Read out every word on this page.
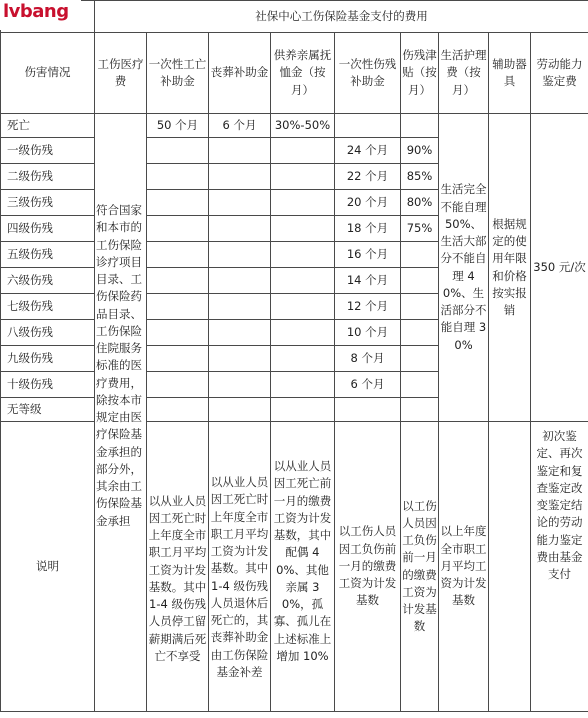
lvbang
		社保中心工伤保险基金支付的费用								
伤害情况	工伤医疗费	一次性工亡补助金	丧葬补助金	供养亲属抚恤金（按月）	一次性伤残补助金	伤残津贴（按月）	生活护理费（按月）	辅助器具	劳动能力鉴定费
死亡	符合国家和本市的工伤保险诊疗项目目录、工伤保险药品目录、工伤保险住院服务标准的医疗费用，除按本市规定由医疗保险基金承担的部分外，其余由工伤保险基金承担	50 个月	6 个月	30%-50%			生活完全不能自理 50%、生活大部分不能自理 40%、生活部分不能自理 30%	根据规定的使用年限和价格按实报销	350 元/次
一级伤残					24 个月	90%			
二级伤残					22 个月	85%			
三级伤残					20 个月	80%			
四级伤残					18 个月	75%			
五级伤残					16 个月				
六级伤残					14 个月				
七级伤残					12 个月				
八级伤残					10 个月				
九级伤残					8 个月				
十级伤残					6 个月				
无等级									
说明		以从业人员因工死亡时上年度全市职工月平均工资为计发基数。其中 1-4 级伤残人员停工留薪期满后死亡不享受	以从业人员因工死亡时上年度全市职工月平均工资为计发基数。其中 1-4 级伤残人员退休后死亡的，其丧葬补助金由工伤保险基金补差	以从业人员因工死亡前一月的缴费工资为计发基数，其中配偶 40%、其他亲属 30%，孤寡、孤儿在上述标准上增加 10%	以工伤人员因工负伤前一月的缴费工资为计发基数	以工伤人员因工负伤前一月的缴费工资为计发基数	以上年度全市职工月平均工资为计发基数		初次鉴定、再次鉴定和复查鉴定改变鉴定结论的劳动能力鉴定费由基金支付
